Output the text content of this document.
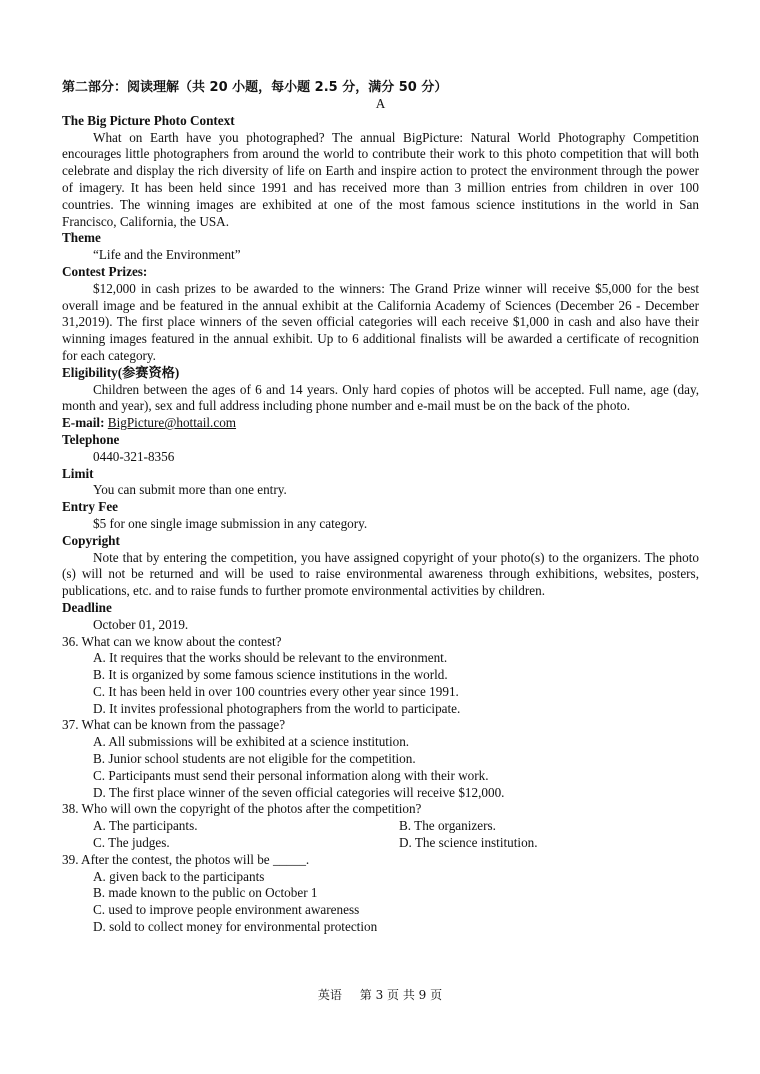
第二部分：阅读理解（共 20 小题，每小题 2.5 分，满分 50 分）
A
The Big Picture Photo Context
What on Earth have you photographed? The annual BigPicture: Natural World Photography Competition encourages little photographers from around the world to contribute their work to this photo competition that will both celebrate and display the rich diversity of life on Earth and inspire action to protect the environment through the power of imagery. It has been held since 1991 and has received more than 3 million entries from children in over 100 countries. The winning images are exhibited at one of the most famous science institutions in the world in San Francisco, California, the USA.
Theme
“Life and the Environment”
Contest Prizes:
$12,000 in cash prizes to be awarded to the winners: The Grand Prize winner will receive $5,000 for the best overall image and be featured in the annual exhibit at the California Academy of Sciences (December 26 - December 31,2019). The first place winners of the seven official categories will each receive $1,000 in cash and also have their winning images featured in the annual exhibit. Up to 6 additional finalists will be awarded a certificate of recognition for each category.
Eligibility(参赛资格)
Children between the ages of 6 and 14 years. Only hard copies of photos will be accepted. Full name, age (day, month and year), sex and full address including phone number and e-mail must be on the back of the photo.
E-mail: BigPicture@hottail.com
Telephone
0440-321-8356
Limit
You can submit more than one entry.
Entry Fee
$5 for one single image submission in any category.
Copyright
Note that by entering the competition, you have assigned copyright of your photo(s) to the organizers. The photo (s) will not be returned and will be used to raise environmental awareness through exhibitions, websites, posters, publications, etc. and to raise funds to further promote environmental activities by children.
Deadline
October 01, 2019.
36. What can we know about the contest?
A. It requires that the works should be relevant to the environment.
B. It is organized by some famous science institutions in the world.
C. It has been held in over 100 countries every other year since 1991.
D. It invites professional photographers from the world to participate.
37. What can be known from the passage?
A. All submissions will be exhibited at a science institution.
B. Junior school students are not eligible for the competition.
C. Participants must send their personal information along with their work.
D. The first place winner of the seven official categories will receive $12,000.
38. Who will own the copyright of the photos after the competition?
A. The participants.	B. The organizers.
C. The judges.	D. The science institution.
39. After the contest, the photos will be _____.
A. given back to the participants
B. made known to the public on October 1
C. used to improve people environment awareness
D. sold to collect money for environmental protection
英语 第 3 页 共 9 页
